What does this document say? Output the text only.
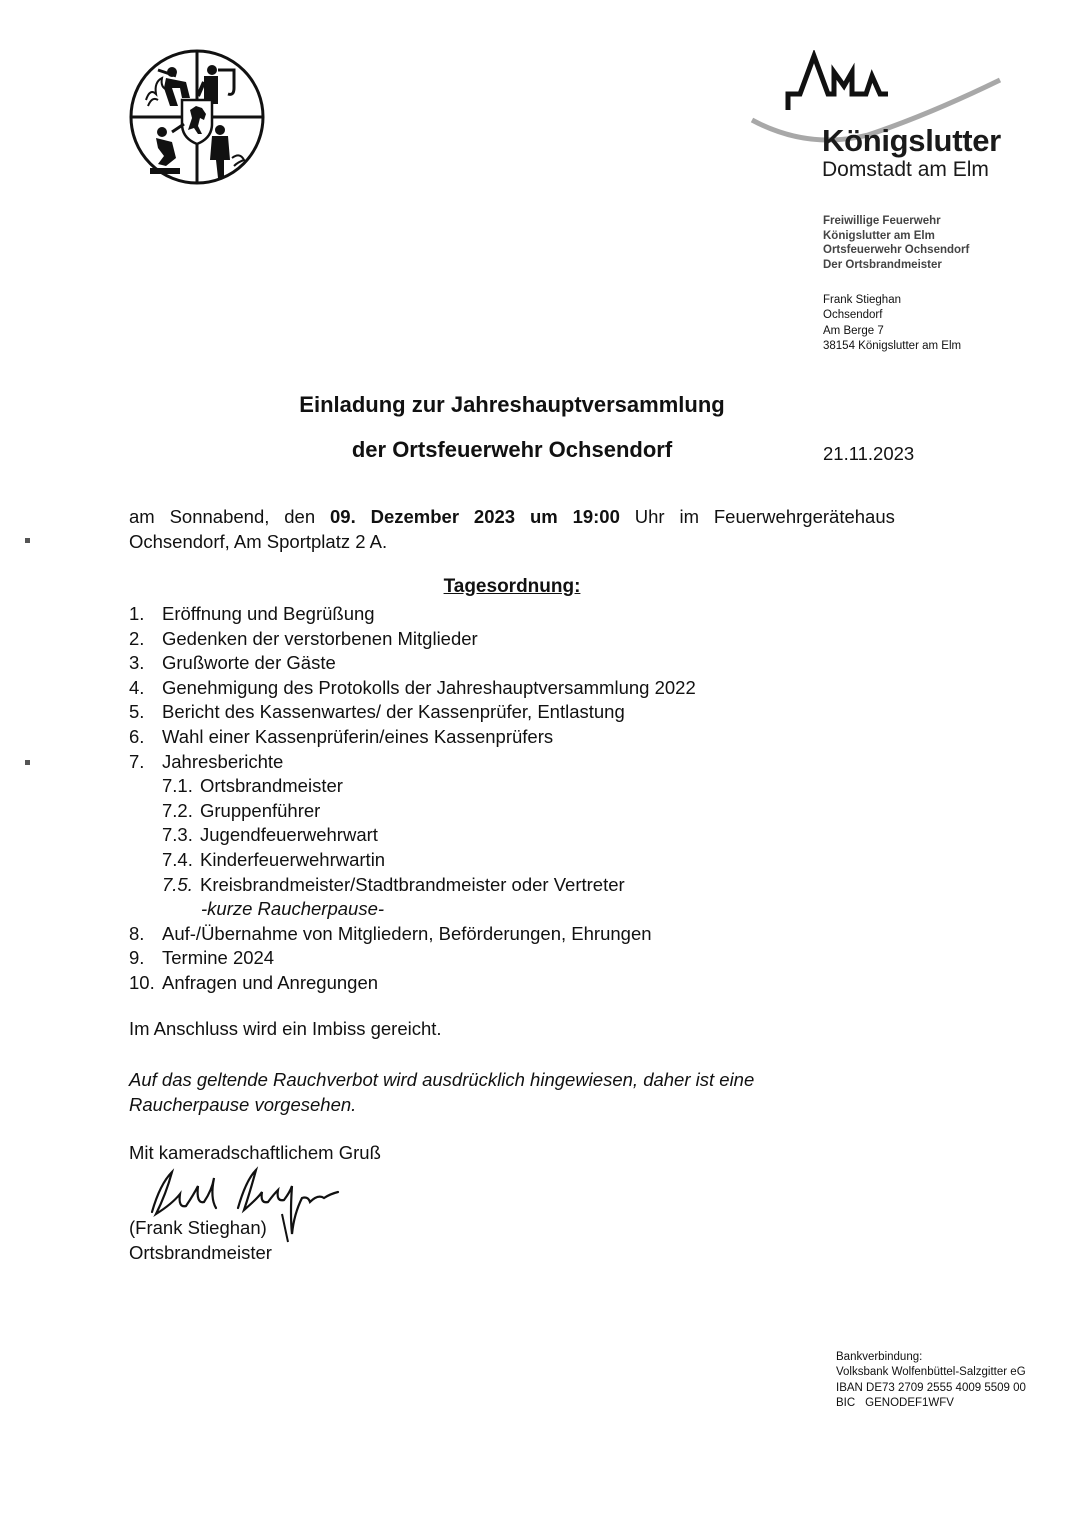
Königslutter
Domstadt am Elm
Freiwillige Feuerwehr
Königslutter am Elm
Ortsfeuerwehr Ochsendorf
Der Ortsbrandmeister
Frank Stieghan
Ochsendorf
Am Berge 7
38154 Königslutter am Elm
Einladung zur Jahreshauptversammlung
der Ortsfeuerwehr Ochsendorf	21.11.2023
am Sonnabend, den 09. Dezember 2023 um 19:00 Uhr im Feuerwehrgerätehaus
Ochsendorf, Am Sportplatz 2 A.
Tagesordnung:
1. Eröffnung und Begrüßung
2. Gedenken der verstorbenen Mitglieder
3. Grußworte der Gäste
4. Genehmigung des Protokolls der Jahreshauptversammlung 2022
5. Bericht des Kassenwartes/ der Kassenprüfer, Entlastung
6. Wahl einer Kassenprüferin/eines Kassenprüfers
7. Jahresberichte
7.1. Ortsbrandmeister
7.2. Gruppenführer
7.3. Jugendfeuerwehrwart
7.4. Kinderfeuerwehrwartin
7.5. Kreisbrandmeister/Stadtbrandmeister oder Vertreter
-kurze Raucherpause-
8. Auf-/Übernahme von Mitgliedern, Beförderungen, Ehrungen
9. Termine 2024
10. Anfragen und Anregungen
Im Anschluss wird ein Imbiss gereicht.
Auf das geltende Rauchverbot wird ausdrücklich hingewiesen, daher ist eine
Raucherpause vorgesehen.
Mit kameradschaftlichem Gruß
(Frank Stieghan)
Ortsbrandmeister
Bankverbindung:
Volksbank Wolfenbüttel-Salzgitter eG
IBAN DE73 2709 2555 4009 5509 00
BIC GENODEF1WFV
